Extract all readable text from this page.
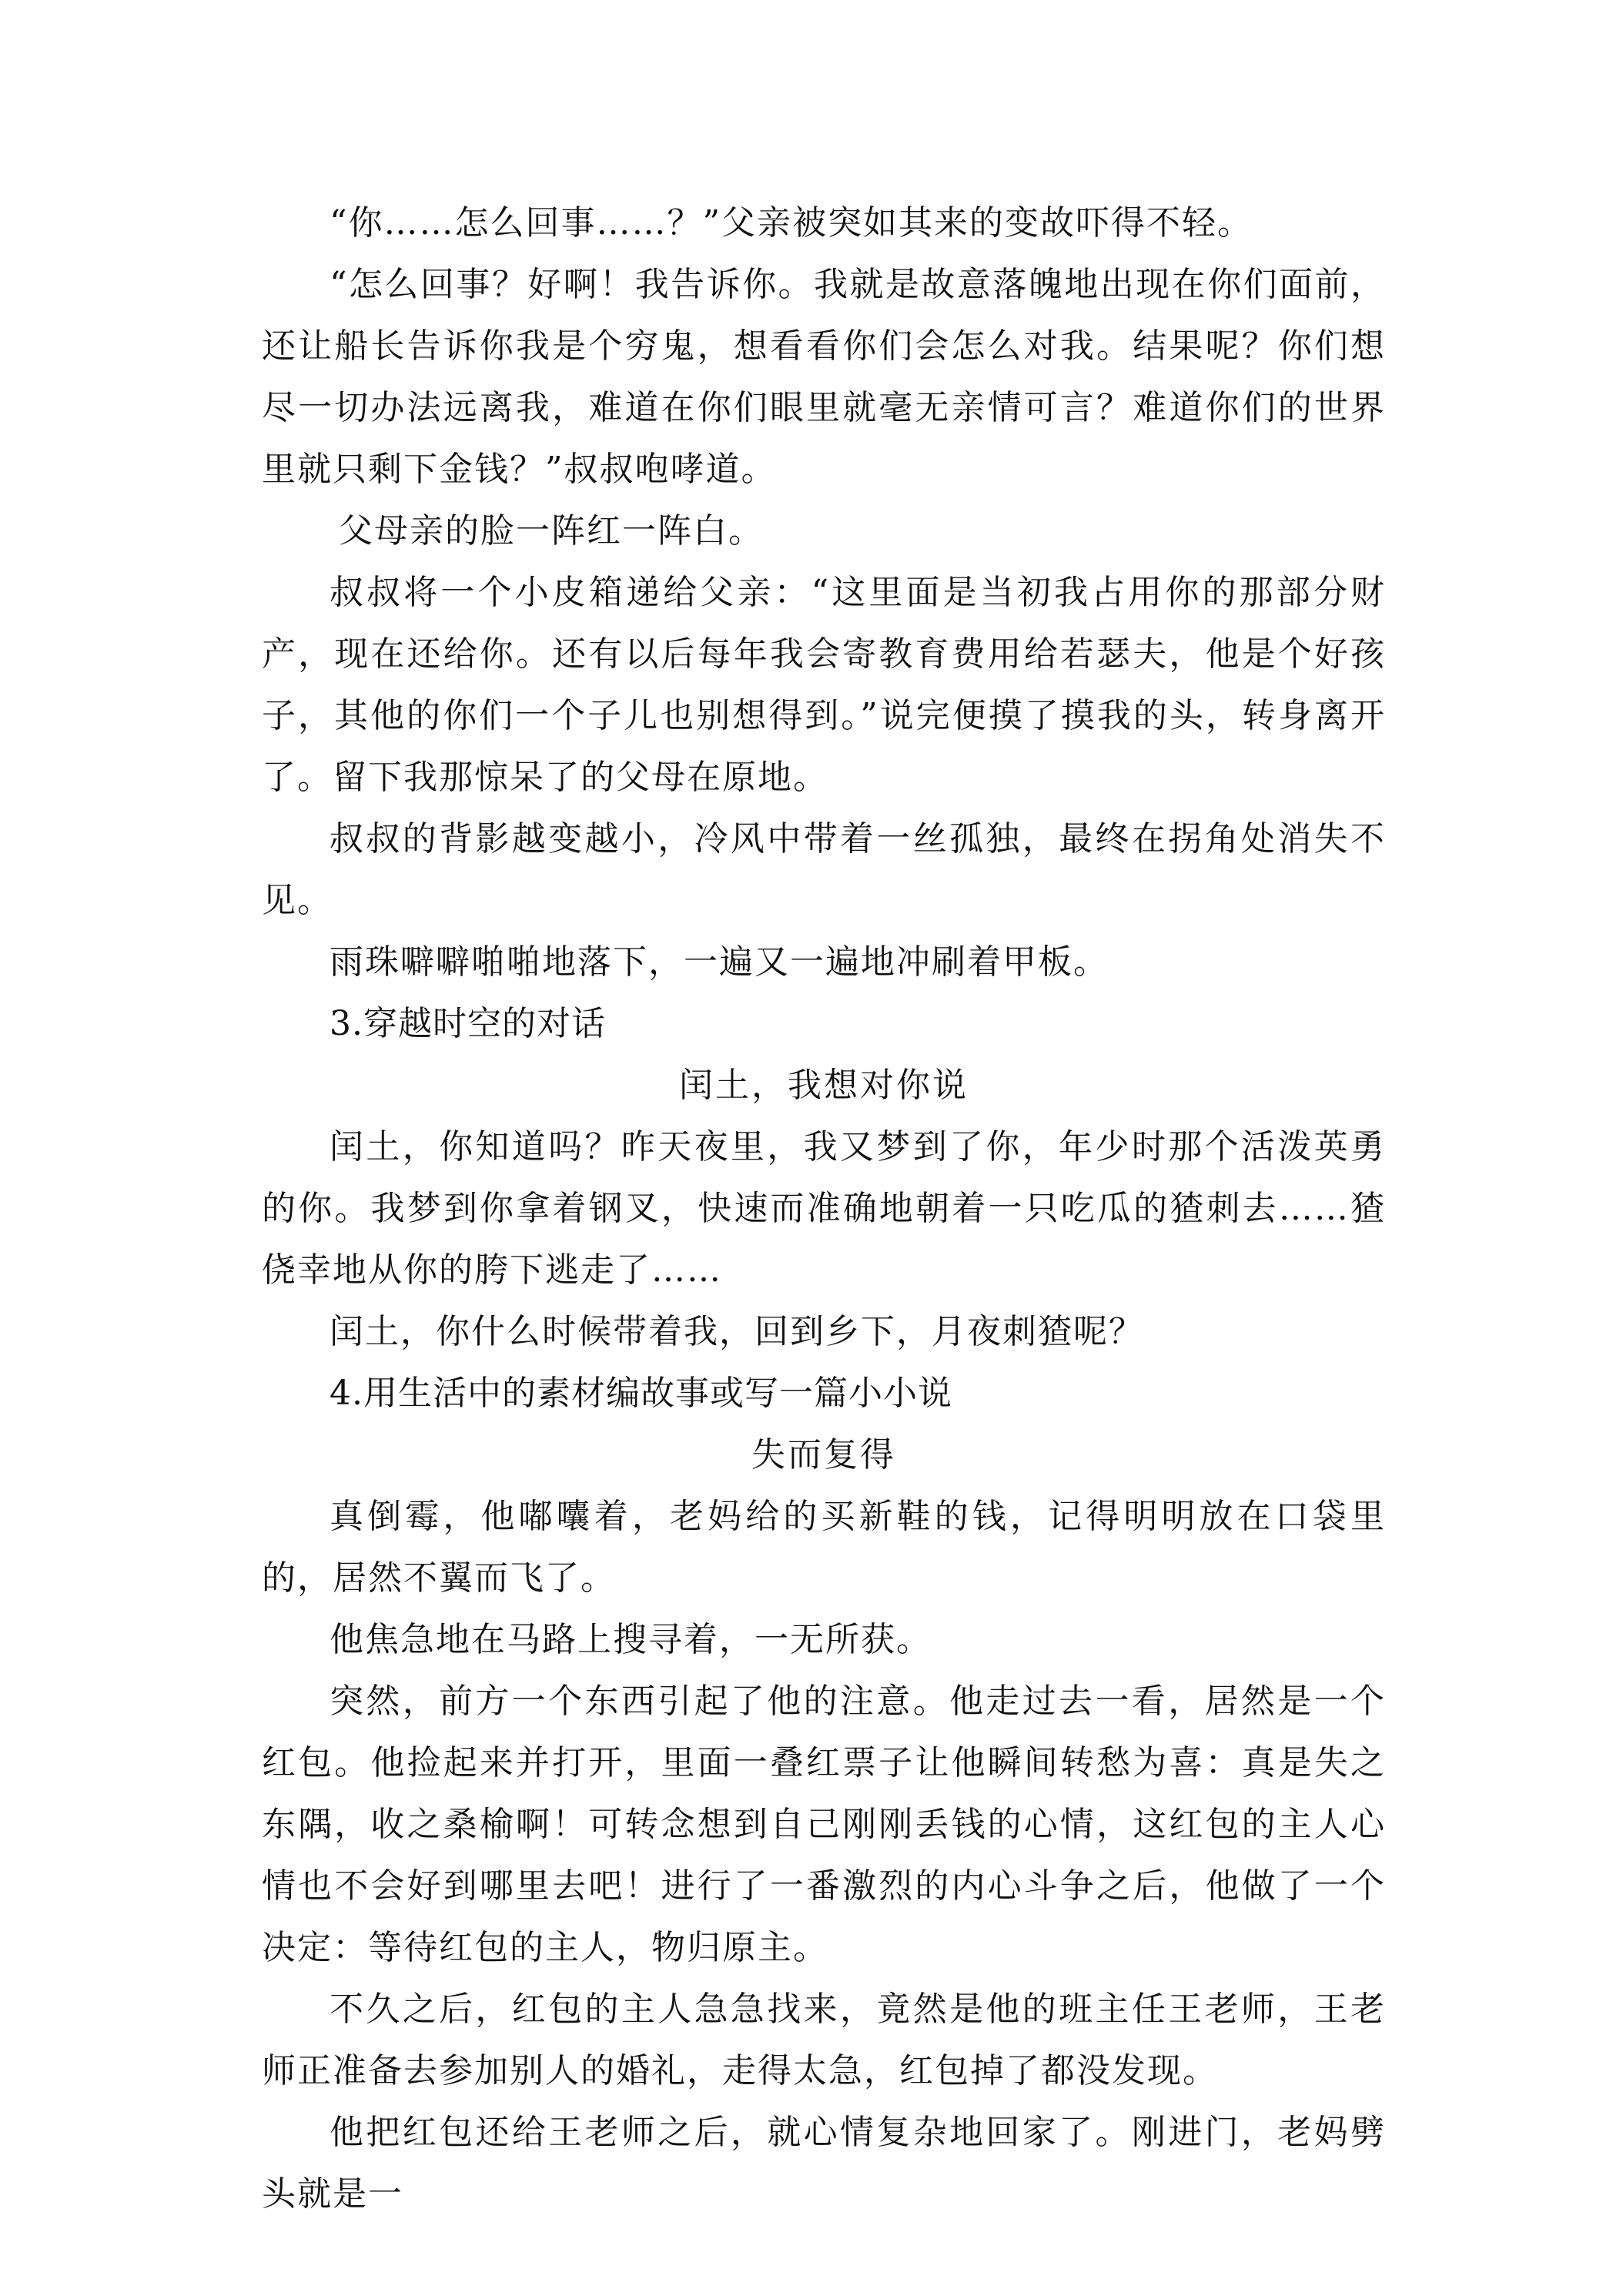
“你……怎么回事……？”父亲被突如其来的变故吓得不轻。

“怎么回事？好啊！我告诉你。我就是故意落魄地出现在你们面前，还让船长告诉你我是个穷鬼，想看看你们会怎么对我。结果呢？你们想尽一切办法远离我，难道在你们眼里就毫无亲情可言？难道你们的世界里就只剩下金钱？”叔叔咆哮道。

父母亲的脸一阵红一阵白。

叔叔将一个小皮箱递给父亲：“这里面是当初我占用你的那部分财产，现在还给你。还有以后每年我会寄教育费用给若瑟夫，他是个好孩子，其他的你们一个子儿也别想得到。”说完便摸了摸我的头，转身离开了。留下我那惊呆了的父母在原地。

叔叔的背影越变越小，冷风中带着一丝孤独，最终在拐角处消失不见。

雨珠噼噼啪啪地落下，一遍又一遍地冲刷着甲板。

3.穿越时空的对话

闰土，我想对你说

闰土，你知道吗？昨天夜里，我又梦到了你，年少时那个活泼英勇的你。我梦到你拿着钢叉，快速而准确地朝着一只吃瓜的猹刺去……猹侥幸地从你的胯下逃走了……

闰土，你什么时候带着我，回到乡下，月夜刺猹呢？

4.用生活中的素材编故事或写一篇小小说

失而复得

真倒霉，他嘟囔着，老妈给的买新鞋的钱，记得明明放在口袋里的，居然不翼而飞了。

他焦急地在马路上搜寻着，一无所获。

突然，前方一个东西引起了他的注意。他走过去一看，居然是一个红包。他捡起来并打开，里面一叠红票子让他瞬间转愁为喜：真是失之东隅，收之桑榆啊！可转念想到自己刚刚丢钱的心情，这红包的主人心情也不会好到哪里去吧！进行了一番激烈的内心斗争之后，他做了一个决定：等待红包的主人，物归原主。

不久之后，红包的主人急急找来，竟然是他的班主任王老师，王老师正准备去参加别人的婚礼，走得太急，红包掉了都没发现。

他把红包还给王老师之后，就心情复杂地回家了。刚进门，老妈劈头就是一
